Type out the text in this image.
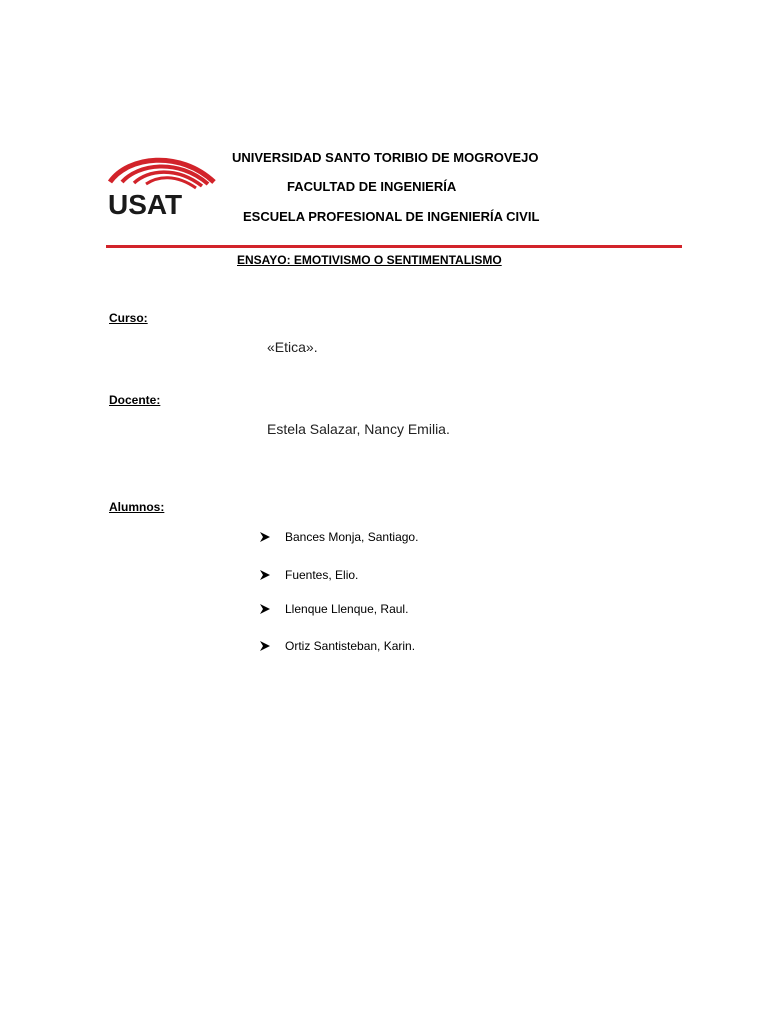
USAT
UNIVERSIDAD SANTO TORIBIO DE MOGROVEJO
FACULTAD DE INGENIERÍA
ESCUELA PROFESIONAL DE INGENIERÍA CIVIL
ENSAYO: EMOTIVISMO O SENTIMENTALISMO
Curso:
«Etica».
Docente:
Estela Salazar, Nancy Emilia.
Alumnos:
Bances Monja, Santiago.
Fuentes, Elio.
Llenque Llenque, Raul.
Ortiz Santisteban, Karin.
